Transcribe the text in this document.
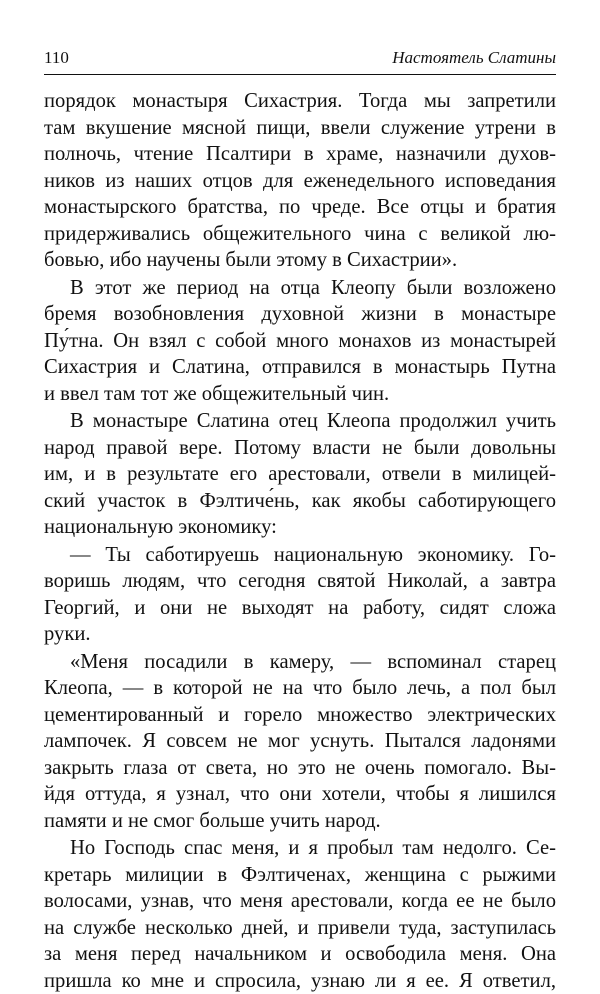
110	Настоятель Слатины
порядок монастыря Сихастрия. Тогда мы запретили
там вкушение мясной пищи, ввели служение утрени в
полночь, чтение Псалтири в храме, назначили духов-
ников из наших отцов для еженедельного исповедания
монастырского братства, по чреде. Все отцы и братия
придерживались общежительного чина с великой лю-
бовью, ибо научены были этому в Сихастрии».
В этот же период на отца Клеопу были возложено
бремя возобновления духовной жизни в монастыре
Пу́тна. Он взял с собой много монахов из монастырей
Сихастрия и Слатина, отправился в монастырь Путна
и ввел там тот же общежительный чин.
В монастыре Слатина отец Клеопа продолжил учить
народ правой вере. Потому власти не были довольны
им, и в результате его арестовали, отвели в милицей-
ский участок в Фэлтиче́нь, как якобы саботирующего
национальную экономику:
— Ты саботируешь национальную экономику. Го-
воришь людям, что сегодня святой Николай, а завтра
Георгий, и они не выходят на работу, сидят сложа
руки.
«Меня посадили в камеру, — вспоминал старец
Клеопа, — в которой не на что было лечь, а пол был
цементированный и горело множество электрических
лампочек. Я совсем не мог уснуть. Пытался ладонями
закрыть глаза от света, но это не очень помогало. Вы-
йдя оттуда, я узнал, что они хотели, чтобы я лишился
памяти и не смог больше учить народ.
Но Господь спас меня, и я пробыл там недолго. Се-
кретарь милиции в Фэлтиченах, женщина с рыжими
волосами, узнав, что меня арестовали, когда ее не было
на службе несколько дней, и привели туда, заступилась
за меня перед начальником и освободила меня. Она
пришла ко мне и спросила, узнаю ли я ее. Я ответил,
